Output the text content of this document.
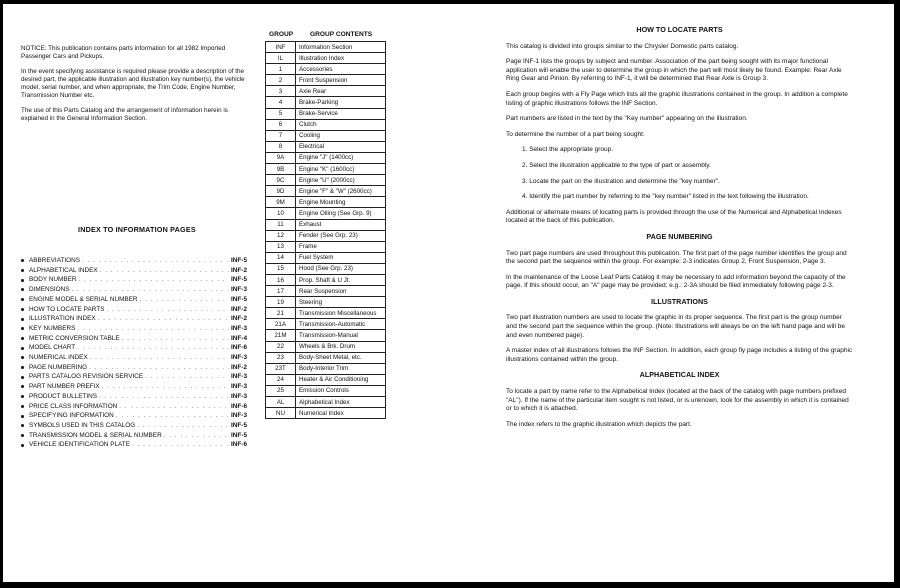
NOTICE: This publication contains parts information for all 1982 Imported Passenger Cars and Pickups.

In the event specifying assistance is required please provide a description of the desired part, the applicable illustration and illustration key number(s), the vehicle model, serial number, and when appropriate, the Trim Code, Engine Number, Transmission Number etc.

The use of this Parts Catalog and the arrangement of information herein is explained in the General Information Section.

INDEX TO INFORMATION PAGES
ABBREVIATIONS . . .	INF-5
ALPHABETICAL INDEX . . .	INF-2
BODY NUMBER . . .	INF-5
DIMENSIONS . . .	INF-3
ENGINE MODEL & SERIAL NUMBER . . .	INF-5
HOW TO LOCATE PARTS . . .	INF-2
ILLUSTRATION INDEX . . .	INF-2
KEY NUMBERS . . .	INF-3
METRIC CONVERSION TABLE . . .	INF-4
MODEL CHART . . .	INF-6
NUMERICAL INDEX . . .	INF-3
PAGE NUMBERING . . .	INF-2
PARTS CATALOG REVISION SERVICE . . .	INF-3
PART NUMBER PREFIX . . .	INF-3
PRODUCT BULLETINS . . .	INF-3
PRICE CLASS INFORMATION . . .	INF-6
SPECIFYING INFORMATION . . .	INF-3
SYMBOLS USED IN THIS CATALOG . . .	INF-5
TRANSMISSION MODEL & SERIAL NUMBER . . .	INF-5
VEHICLE IDENTIFICATION PLATE . . .	INF-6
GROUP	GROUP CONTENTS
INF	Information Section
IL	Illustration Index
1	Accessories
2	Front Suspension
3	Axle Rear
4	Brake-Parking
5	Brake-Service
6	Clutch
7	Cooling
8	Electrical
9A	Engine "J" (1400cc)
9B	Engine "K" (1600cc)
9C	Engine "U" (2000cc)
9D	Engine "F" & "W" (2600cc)
9M	Engine Mounting
10	Engine Oiling (See Grp. 9)
11	Exhaust
12	Fender (See Grp. 23)
13	Frame
14	Fuel System
15	Hood (See Grp. 23)
16	Prop. Shaft & U Jt.
17	Rear Suspension
19	Steering
21	Transmission Miscellaneous
21A	Transmission-Automatic
21M	Transmission-Manual
22	Wheels & Brk. Drum
23	Body-Sheet Metal, etc.
23T	Body-Interior Trim
24	Heater & Air Conditioning
25	Emission Controls
AL	Alphabetical Index
NU	Numerical Index
HOW TO LOCATE PARTS

This catalog is divided into groups similar to the Chrysler Domestic parts catalog.

Page INF-1 lists the groups by subject and number. Association of the part being sought with its major functional application will enable the user to determine the group in which the part will most likely be found. Example: Rear Axle Ring Gear and Pinion. By referring to INF-1, it will be determined that Rear Axle is Group 3.

Each group begins with a Fly Page which lists all the graphic illustrations contained in the group. In addition a complete listing of graphic illustrations follows the INF Section.

Part numbers are listed in the text by the "Key number" appearing on the illustration.

To determine the number of a part being sought:

1. Select the appropriate group.
2. Select the illustration applicable to the type of part or assembly.
3. Locate the part on the illustration and determine the "key number".
4. Identify the part number by referring to the "key number" listed in the text following the illustration.

Additional or alternate means of locating parts is provided through the use of the Numerical and Alphabetical Indexes located at the back of this publication.

PAGE NUMBERING

Two part page numbers are used throughout this publication. The first part of the page number identifies the group and the second part the sequence within the group. For example: 2-3 indicates Group 2, Front Suspension, Page 3.

In the maintenance of the Loose Leaf Parts Catalog it may be necessary to add information beyond the capacity of the page. If this should occur, an "A" page may be provided; e.g.: 2-3A should be filed immediately following page 2-3.

ILLUSTRATIONS

Two part illustration numbers are used to locate the graphic in its proper sequence. The first part is the group number and the second part the sequence within the group. (Note: Illustrations will always be on the left hand page and will be and even numbered page).

A master index of all illustrations follows the INF Section. In addition, each group fly page includes a listing of the graphic illustrations contained within the group.

ALPHABETICAL INDEX

To locate a part by name refer to the Alphabetical Index (located at the back of the catalog with page numbers prefixed "AL"). If the name of the particular item sought is not listed, or is unknown, look for the assembly in which it is contained or to which it is attached.

The index refers to the graphic illustration which depicts the part.
